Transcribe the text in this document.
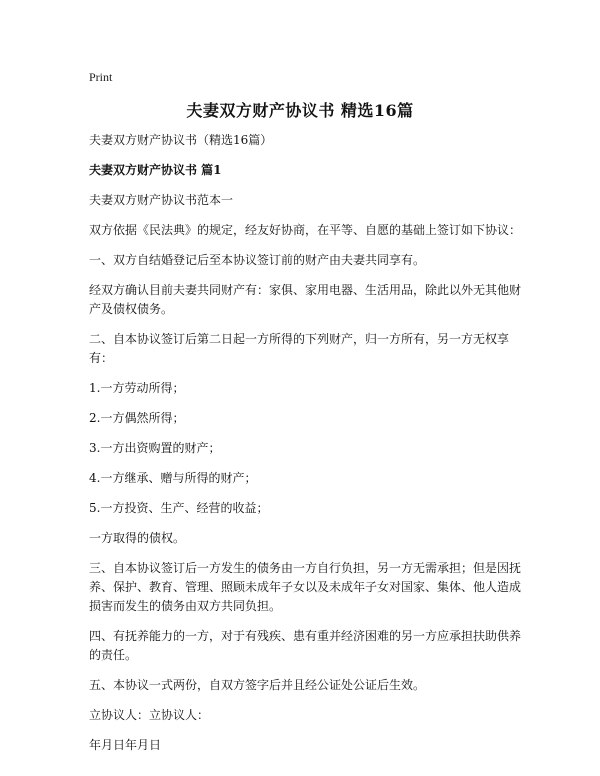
Print
夫妻双方财产协议书 精选16篇

夫妻双方财产协议书（精选16篇）

夫妻双方财产协议书 篇1

夫妻双方财产协议书范本一

双方依据《民法典》的规定，经友好协商，在平等、自愿的基础上签订如下协议：

一、双方自结婚登记后至本协议签订前的财产由夫妻共同享有。

经双方确认目前夫妻共同财产有：家俱、家用电器、生活用品，除此以外无其他财产及债权债务。

二、自本协议签订后第二日起一方所得的下列财产，归一方所有，另一方无权享有：

1.一方劳动所得；

2.一方偶然所得；

3.一方出资购置的财产；

4.一方继承、赠与所得的财产；

5.一方投资、生产、经营的收益；

一方取得的债权。

三、自本协议签订后一方发生的债务由一方自行负担，另一方无需承担；但是因抚养、保护、教育、管理、照顾未成年子女以及未成年子女对国家、集体、他人造成损害而发生的债务由双方共同负担。

四、有抚养能力的一方，对于有残疾、患有重并经济困难的另一方应承担扶助供养的责任。

五、本协议一式两份，自双方签字后并且经公证处公证后生效。

立协议人：立协议人：

年月日年月日
